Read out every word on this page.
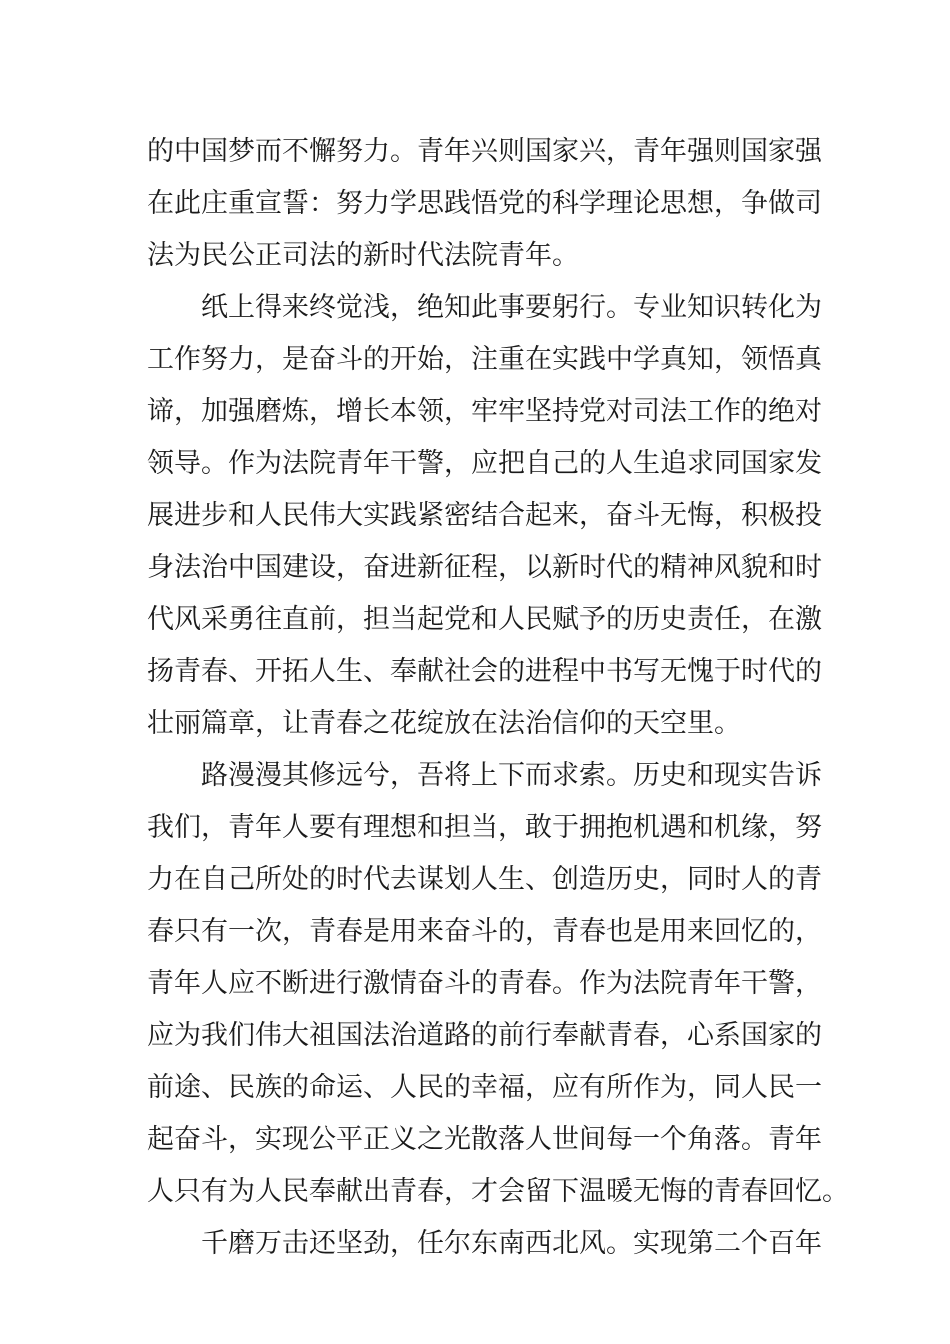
的中国梦而不懈努力。青年兴则国家兴，青年强则国家强
在此庄重宣誓：努力学思践悟党的科学理论思想，争做司
法为民公正司法的新时代法院青年。
纸上得来终觉浅，绝知此事要躬行。专业知识转化为
工作努力，是奋斗的开始，注重在实践中学真知，领悟真
谛，加强磨炼，增长本领，牢牢坚持党对司法工作的绝对
领导。作为法院青年干警，应把自己的人生追求同国家发
展进步和人民伟大实践紧密结合起来，奋斗无悔，积极投
身法治中国建设，奋进新征程，以新时代的精神风貌和时
代风采勇往直前，担当起党和人民赋予的历史责任，在激
扬青春、开拓人生、奉献社会的进程中书写无愧于时代的
壮丽篇章，让青春之花绽放在法治信仰的天空里。
路漫漫其修远兮，吾将上下而求索。历史和现实告诉
我们，青年人要有理想和担当，敢于拥抱机遇和机缘，努
力在自己所处的时代去谋划人生、创造历史，同时人的青
春只有一次，青春是用来奋斗的，青春也是用来回忆的，
青年人应不断进行激情奋斗的青春。作为法院青年干警，
应为我们伟大祖国法治道路的前行奉献青春，心系国家的
前途、民族的命运、人民的幸福，应有所作为，同人民一
起奋斗，实现公平正义之光散落人世间每一个角落。青年
人只有为人民奉献出青春，才会留下温暖无悔的青春回忆。
千磨万击还坚劲，任尔东南西北风。实现第二个百年
